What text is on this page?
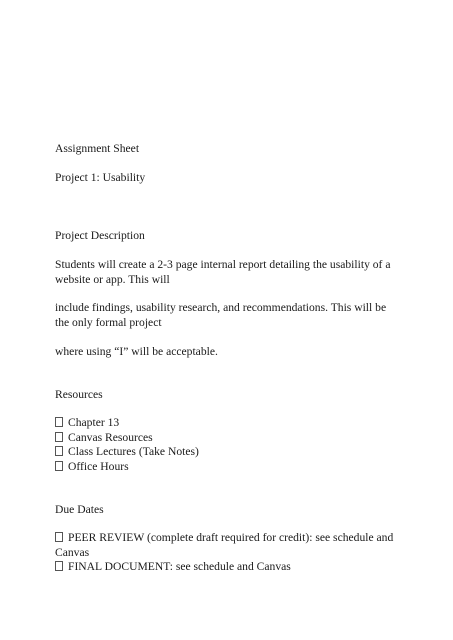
Assignment Sheet
Project 1: Usability
Project Description
Students will create a 2-3 page internal report detailing the usability of a website or app. This will
include findings, usability research, and recommendations. This will be the only formal project
where using “I” will be acceptable.
Resources
Chapter 13
Canvas Resources
Class Lectures (Take Notes)
Office Hours
Due Dates
PEER REVIEW (complete draft required for credit): see schedule and Canvas
FINAL DOCUMENT: see schedule and Canvas
